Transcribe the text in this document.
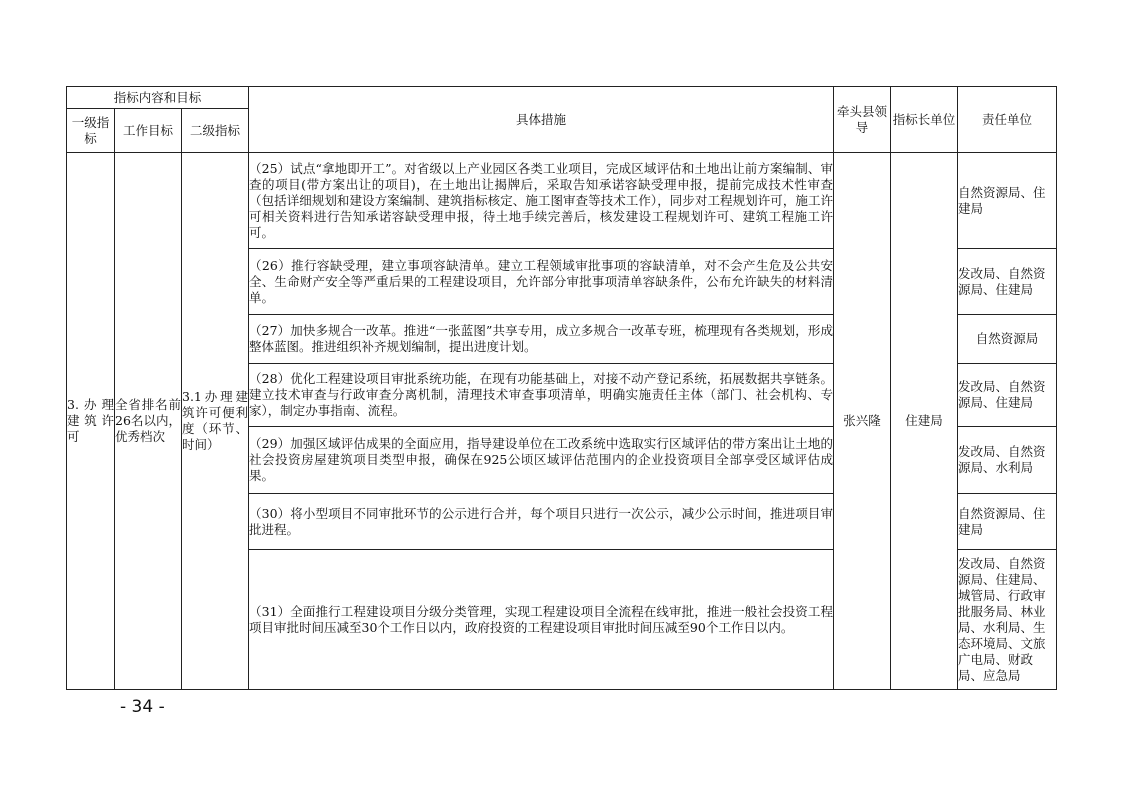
指标内容和目标			具体措施	牵头县领导	指标长单位	责任单位
一级指标	工作目标	二级指标				
3.办理建筑许可	全省排名前26名以内，优秀档次	3.1办理建筑许可便利度（环节、时间）	（25）试点“拿地即开工”。对省级以上产业园区各类工业项目，完成区域评估和土地出让前方案编制、审查的项目(带方案出让的项目)，在土地出让揭牌后，采取告知承诺容缺受理申报，提前完成技术性审查（包括详细规划和建设方案编制、建筑指标核定、施工图审查等技术工作），同步对工程规划许可，施工许可相关资料进行告知承诺容缺受理申报，待土地手续完善后，核发建设工程规划许可、建筑工程施工许可。	张兴隆	住建局	自然资源局、住建局
			（26）推行容缺受理，建立事项容缺清单。建立工程领域审批事项的容缺清单，对不会产生危及公共安全、生命财产安全等严重后果的工程建设项目，允许部分审批事项清单容缺条件，公布允许缺失的材料清单。			发改局、自然资源局、住建局
			（27）加快多规合一改革。推进“一张蓝图”共享专用，成立多规合一改革专班，梳理现有各类规划，形成整体蓝图。推进组织补齐规划编制，提出进度计划。			自然资源局
			（28）优化工程建设项目审批系统功能，在现有功能基础上，对接不动产登记系统，拓展数据共享链条。建立技术审查与行政审查分离机制，清理技术审查事项清单，明确实施责任主体（部门、社会机构、专家），制定办事指南、流程。			发改局、自然资源局、住建局
			（29）加强区域评估成果的全面应用，指导建设单位在工改系统中选取实行区域评估的带方案出让土地的社会投资房屋建筑项目类型申报，确保在925公顷区域评估范围内的企业投资项目全部享受区域评估成果。			发改局、自然资源局、水利局
			（30）将小型项目不同审批环节的公示进行合并，每个项目只进行一次公示，减少公示时间，推进项目审批进程。			自然资源局、住建局
			（31）全面推行工程建设项目分级分类管理，实现工程建设项目全流程在线审批，推进一般社会投资工程项目审批时间压减至30个工作日以内，政府投资的工程建设项目审批时间压减至90个工作日以内。			发改局、自然资源局、住建局、城管局、行政审批服务局、林业局、水利局、生态环境局、文旅广电局、财政局、应急局
- 34 -
